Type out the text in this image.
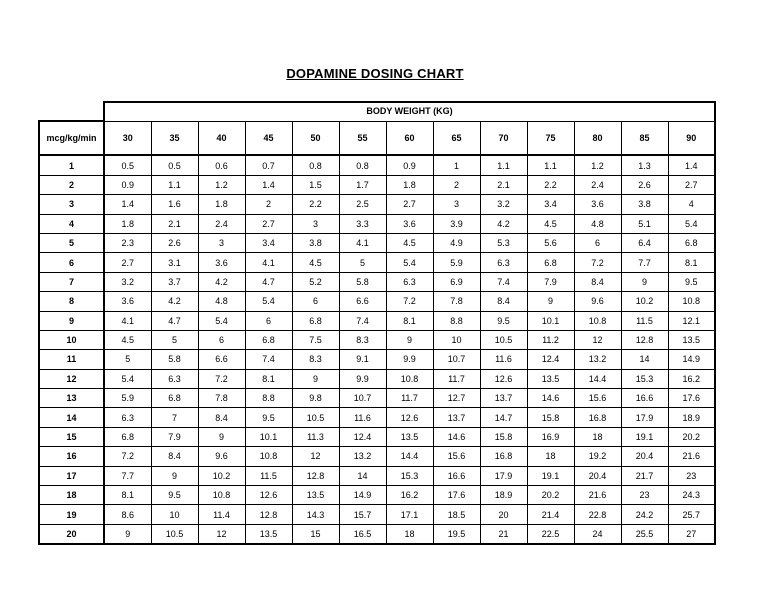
DOPAMINE DOSING CHART
	BODY WEIGHT (KG)												
mcg/kg/min	30	35	40	45	50	55	60	65	70	75	80	85	90
1	0.5	0.5	0.6	0.7	0.8	0.8	0.9	1	1.1	1.1	1.2	1.3	1.4
2	0.9	1.1	1.2	1.4	1.5	1.7	1.8	2	2.1	2.2	2.4	2.6	2.7
3	1.4	1.6	1.8	2	2.2	2.5	2.7	3	3.2	3.4	3.6	3.8	4
4	1.8	2.1	2.4	2.7	3	3.3	3.6	3.9	4.2	4.5	4.8	5.1	5.4
5	2.3	2.6	3	3.4	3.8	4.1	4.5	4.9	5.3	5.6	6	6.4	6.8
6	2.7	3.1	3.6	4.1	4.5	5	5.4	5.9	6.3	6.8	7.2	7.7	8.1
7	3.2	3.7	4.2	4.7	5.2	5.8	6.3	6.9	7.4	7.9	8.4	9	9.5
8	3.6	4.2	4.8	5.4	6	6.6	7.2	7.8	8.4	9	9.6	10.2	10.8
9	4.1	4.7	5.4	6	6.8	7.4	8.1	8.8	9.5	10.1	10.8	11.5	12.1
10	4.5	5	6	6.8	7.5	8.3	9	10	10.5	11.2	12	12.8	13.5
11	5	5.8	6.6	7.4	8.3	9.1	9.9	10.7	11.6	12.4	13.2	14	14.9
12	5.4	6.3	7.2	8.1	9	9.9	10.8	11.7	12.6	13.5	14.4	15.3	16.2
13	5.9	6.8	7.8	8.8	9.8	10.7	11.7	12.7	13.7	14.6	15.6	16.6	17.6
14	6.3	7	8.4	9.5	10.5	11.6	12.6	13.7	14.7	15.8	16.8	17.9	18.9
15	6.8	7.9	9	10.1	11.3	12.4	13.5	14.6	15.8	16.9	18	19.1	20.2
16	7.2	8.4	9.6	10.8	12	13.2	14.4	15.6	16.8	18	19.2	20.4	21.6
17	7.7	9	10.2	11.5	12.8	14	15.3	16.6	17.9	19.1	20.4	21.7	23
18	8.1	9.5	10.8	12.6	13.5	14.9	16.2	17.6	18.9	20.2	21.6	23	24.3
19	8.6	10	11.4	12.8	14.3	15.7	17.1	18.5	20	21.4	22.8	24.2	25.7
20	9	10.5	12	13.5	15	16.5	18	19.5	21	22.5	24	25.5	27
